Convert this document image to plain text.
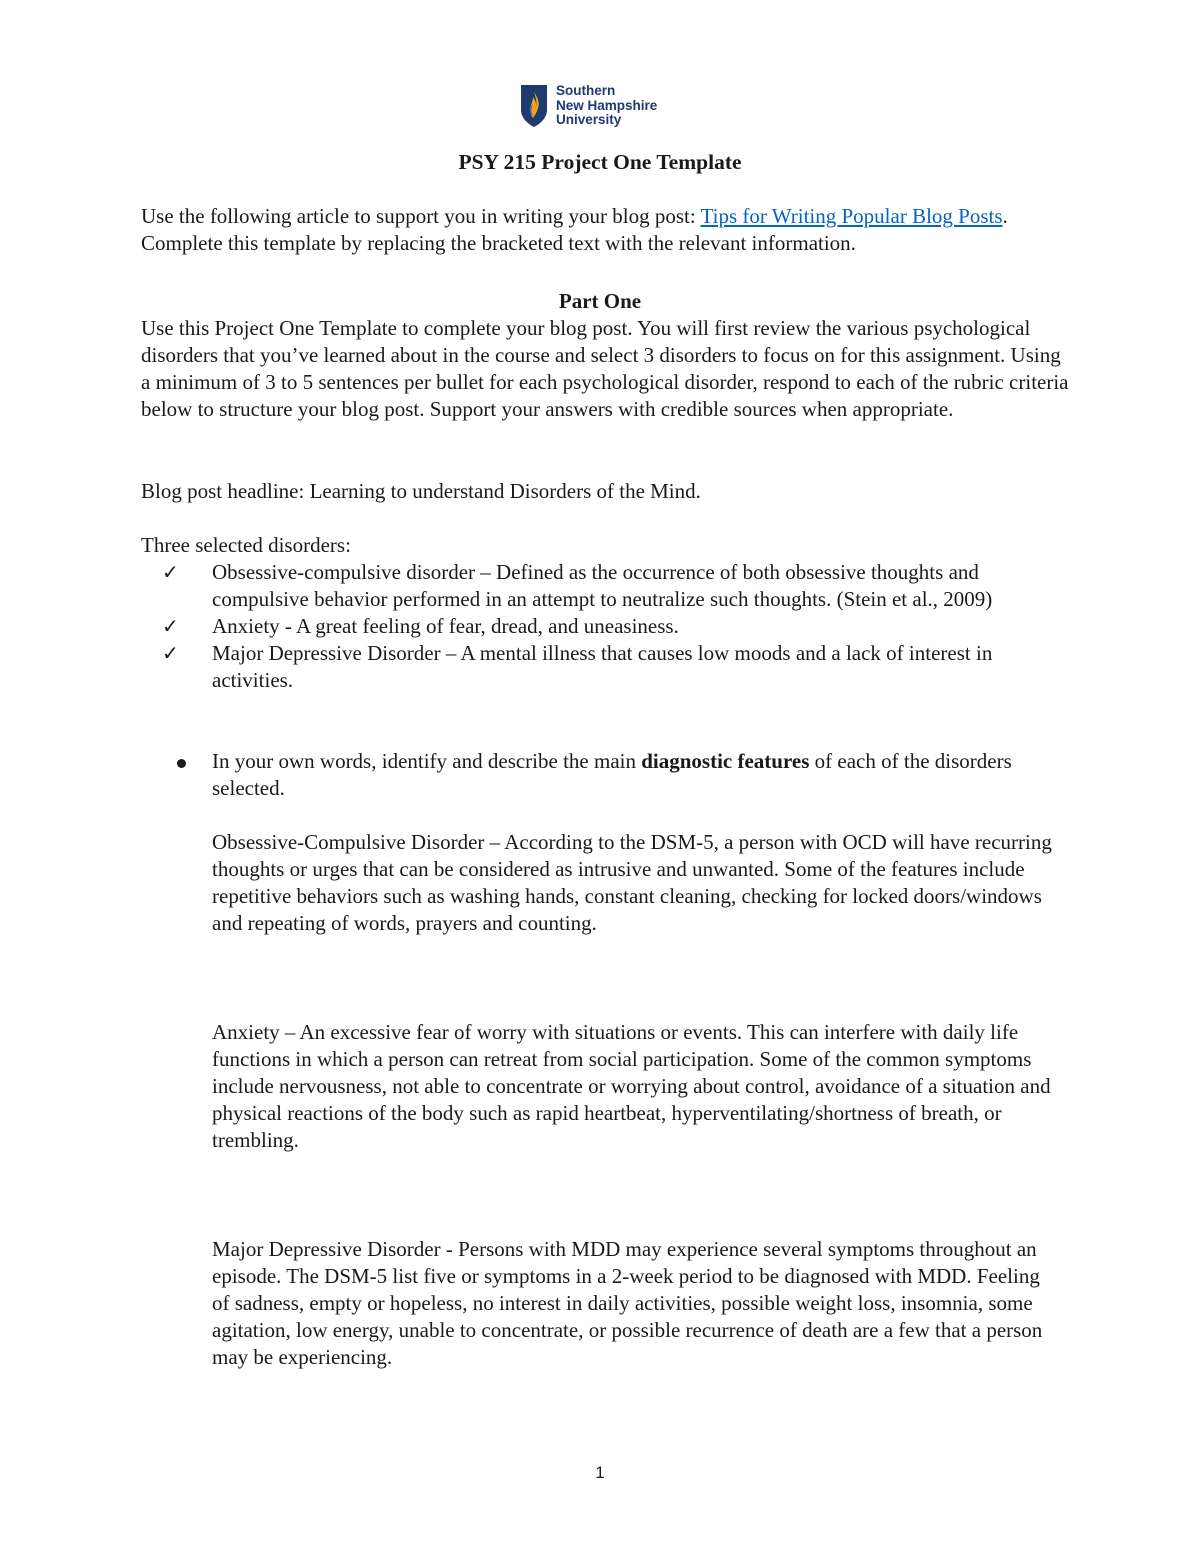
Southern
New Hampshire
University
PSY 215 Project One Template
Use the following article to support you in writing your blog post: Tips for Writing Popular Blog Posts. Complete this template by replacing the bracketed text with the relevant information.
Part One
Use this Project One Template to complete your blog post. You will first review the various psychological disorders that you’ve learned about in the course and select 3 disorders to focus on for this assignment. Using a minimum of 3 to 5 sentences per bullet for each psychological disorder, respond to each of the rubric criteria below to structure your blog post. Support your answers with credible sources when appropriate.
Blog post headline: Learning to understand Disorders of the Mind.
Three selected disorders:
✓ Obsessive-compulsive disorder – Defined as the occurrence of both obsessive thoughts and compulsive behavior performed in an attempt to neutralize such thoughts. (Stein et al., 2009)
✓ Anxiety - A great feeling of fear, dread, and uneasiness.
✓ Major Depressive Disorder – A mental illness that causes low moods and a lack of interest in activities.
In your own words, identify and describe the main diagnostic features of each of the disorders selected.
Obsessive-Compulsive Disorder – According to the DSM-5, a person with OCD will have recurring thoughts or urges that can be considered as intrusive and unwanted. Some of the features include repetitive behaviors such as washing hands, constant cleaning, checking for locked doors/windows and repeating of words, prayers and counting.
Anxiety – An excessive fear of worry with situations or events. This can interfere with daily life functions in which a person can retreat from social participation. Some of the common symptoms include nervousness, not able to concentrate or worrying about control, avoidance of a situation and physical reactions of the body such as rapid heartbeat, hyperventilating/shortness of breath, or trembling.
Major Depressive Disorder - Persons with MDD may experience several symptoms throughout an episode. The DSM-5 list five or symptoms in a 2-week period to be diagnosed with MDD. Feeling of sadness, empty or hopeless, no interest in daily activities, possible weight loss, insomnia, some agitation, low energy, unable to concentrate, or possible recurrence of death are a few that a person may be experiencing.
1
